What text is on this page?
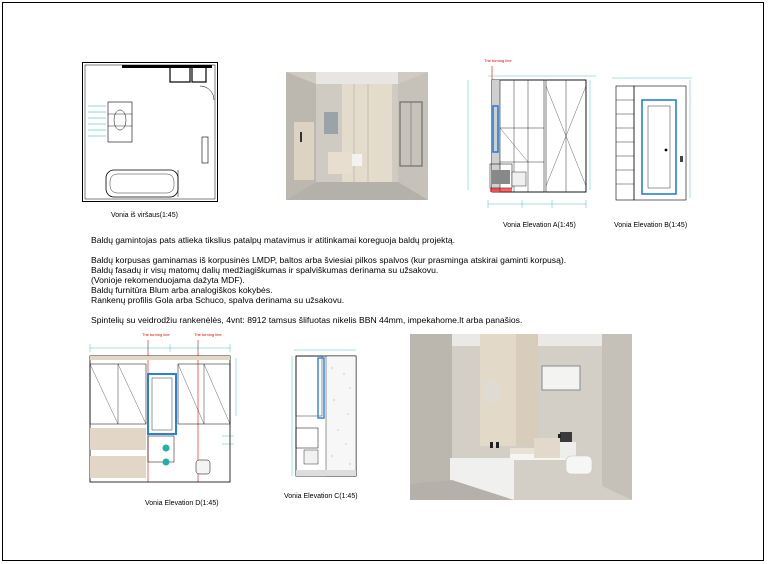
Vonia iš viršaus(1:45)
The turning line
Vonia Elevation A(1:45)	Vonia Elevation B(1:45)
Baldų gamintojas pats atlieka tikslius patalpų matavimus ir atitinkamai koreguoja baldų projektą.
Baldų korpusas gaminamas iš korpusinės LMDP, baltos arba šviesiai pilkos spalvos (kur prasminga atskirai gaminti korpusą).
Baldų fasadų ir visų matomų dalių medžiagiškumas ir spalviškumas derinama su užsakovu.
(Vonioje rekomenduojama dažyta MDF).
Baldų furnitūra Blum arba analogiškos kokybės.
Rankenų profilis Gola arba Schuco, spalva derinama su užsakovu.
Spintelių su veidrodžiu rankenėlės, 4vnt: 8912 tamsus šlifuotas nikelis BBN 44mm, impekahome.lt arba panašios.
The turning line	The turning line
Vonia Elevation D(1:45)
Vonia Elevation C(1:45)
